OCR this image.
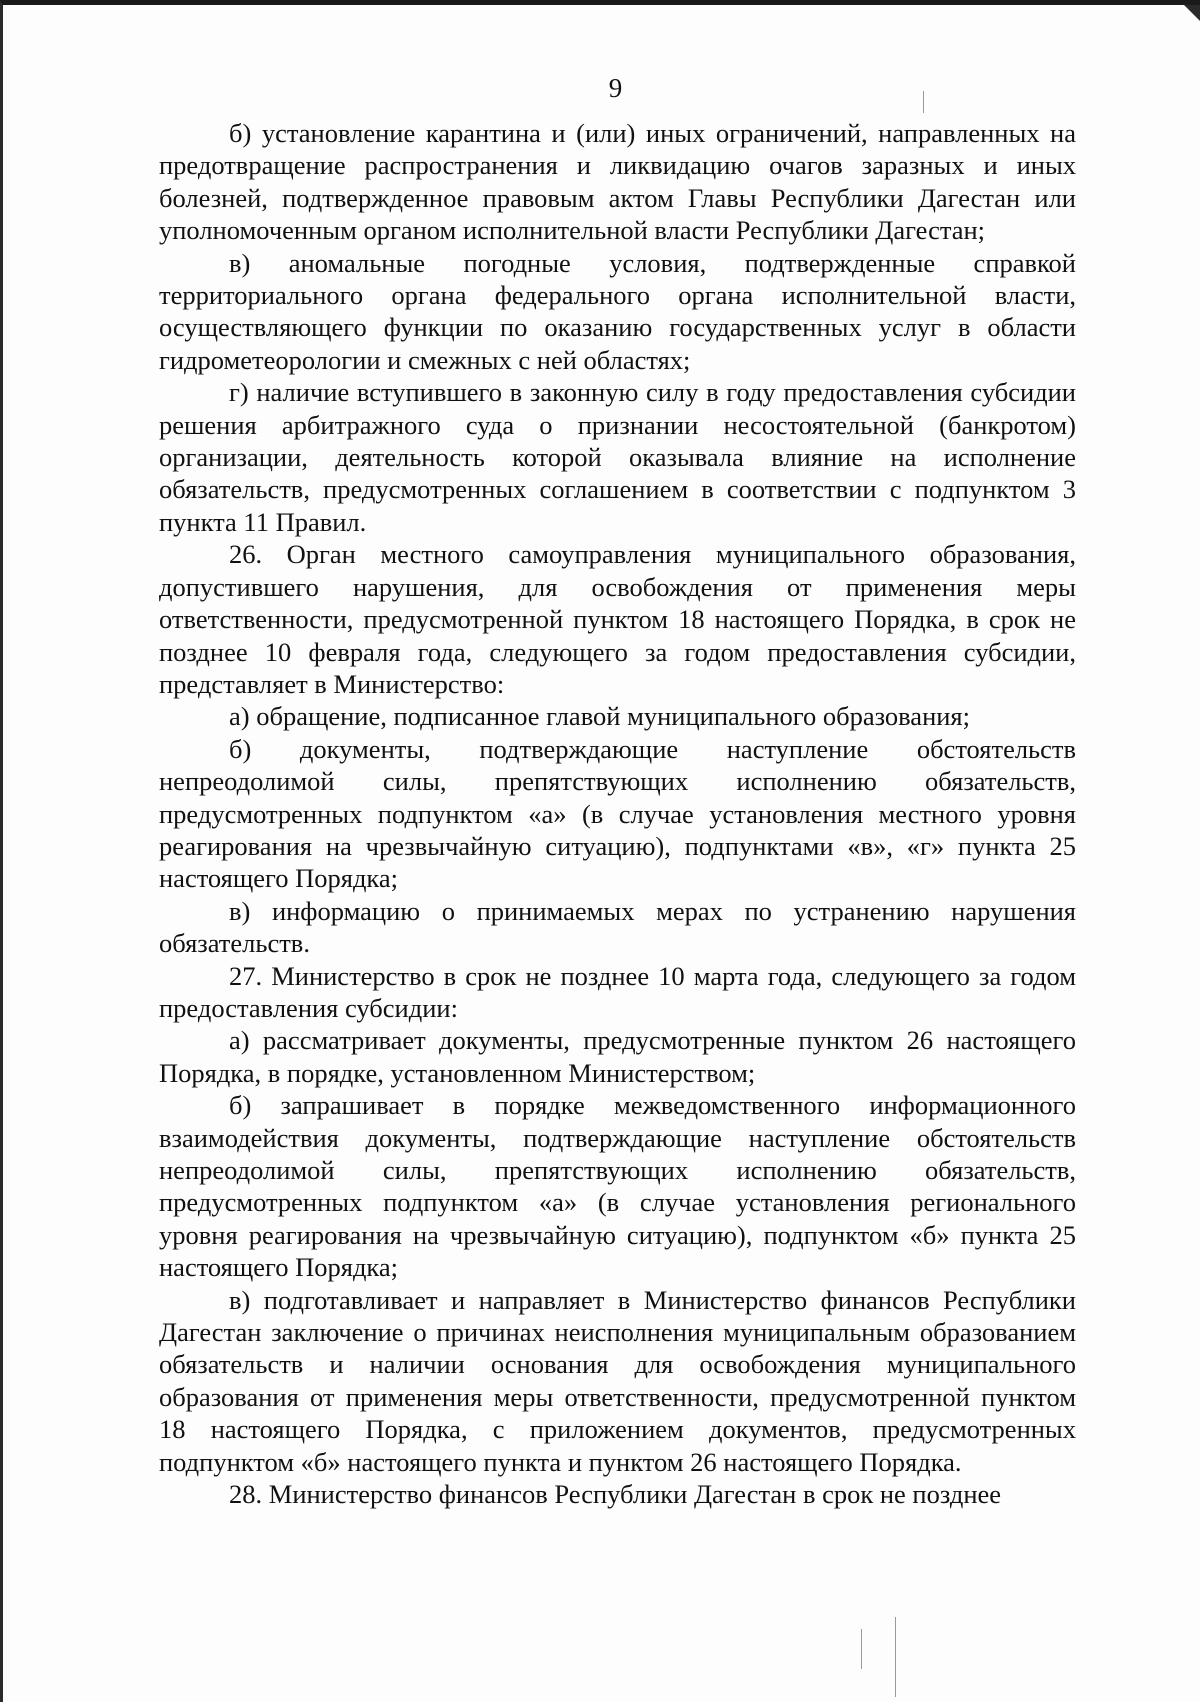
9

б) установление карантина и (или) иных ограничений, направленных на предотвращение распространения и ликвидацию очагов заразных и иных болезней, подтвержденное правовым актом Главы Республики Дагестан или уполномоченным органом исполнительной власти Республики Дагестан;

в) аномальные погодные условия, подтвержденные справкой территориального органа федерального органа исполнительной власти, осуществляющего функции по оказанию государственных услуг в области гидрометеорологии и смежных с ней областях;

г) наличие вступившего в законную силу в году предоставления субсидии решения арбитражного суда о признании несостоятельной (банкротом) организации, деятельность которой оказывала влияние на исполнение обязательств, предусмотренных соглашением в соответствии с подпунктом 3 пункта 11 Правил.

26. Орган местного самоуправления муниципального образования, допустившего нарушения, для освобождения от применения меры ответственности, предусмотренной пунктом 18 настоящего Порядка, в срок не позднее 10 февраля года, следующего за годом предоставления субсидии, представляет в Министерство:

а) обращение, подписанное главой муниципального образования;

б) документы, подтверждающие наступление обстоятельств непреодолимой силы, препятствующих исполнению обязательств, предусмотренных подпунктом «а» (в случае установления местного уровня реагирования на чрезвычайную ситуацию), подпунктами «в», «г» пункта 25 настоящего Порядка;

в) информацию о принимаемых мерах по устранению нарушения обязательств.

27. Министерство в срок не позднее 10 марта года, следующего за годом предоставления субсидии:

а) рассматривает документы, предусмотренные пунктом 26 настоящего Порядка, в порядке, установленном Министерством;

б) запрашивает в порядке межведомственного информационного взаимодействия документы, подтверждающие наступление обстоятельств непреодолимой силы, препятствующих исполнению обязательств, предусмотренных подпунктом «а» (в случае установления регионального уровня реагирования на чрезвычайную ситуацию), подпунктом «б» пункта 25 настоящего Порядка;

в) подготавливает и направляет в Министерство финансов Республики Дагестан заключение о причинах неисполнения муниципальным образованием обязательств и наличии основания для освобождения муниципального образования от применения меры ответственности, предусмотренной пунктом 18 настоящего Порядка, с приложением документов, предусмотренных подпунктом «б» настоящего пункта и пунктом 26 настоящего Порядка.

28. Министерство финансов Республики Дагестан в срок не позднее
